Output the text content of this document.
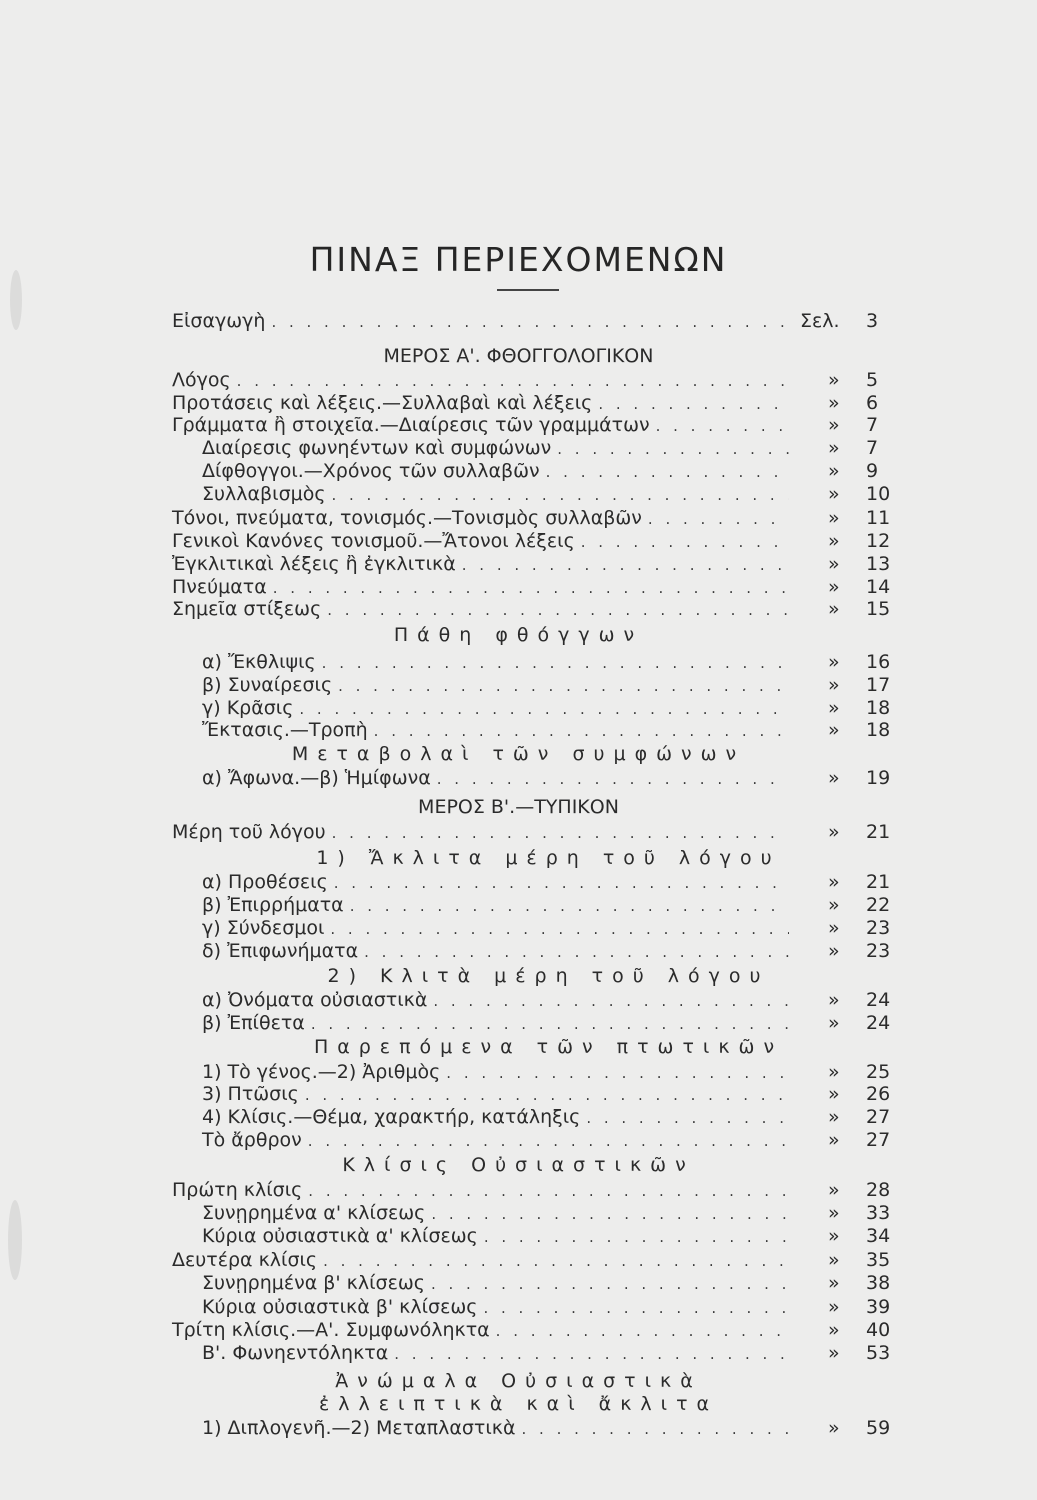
ΠΙΝΑΞ ΠΕΡΙΕΧΟΜΕΝΩΝ
Εἰσαγωγὴ . . .	Σελ.	3
ΜΕΡΟΣ Α'. ΦΘΟΓΓΟΛΟΓΙΚΟΝ
Λόγος . . .	» 5
Προτάσεις καὶ λέξεις.—Συλλαβαὶ καὶ λέξεις . . .	» 6
Γράμματα ἢ στοιχεῖα.—Διαίρεσις τῶν γραμμάτων . . .	» 7
Διαίρεσις φωνηέντων καὶ συμφώνων . . .	» 7
Δίφθογγοι.—Χρόνος τῶν συλλαβῶν . . .	» 9
Συλλαβισμὸς . . .	» 10
Τόνοι, πνεύματα, τονισμός.—Τονισμὸς συλλαβῶν . . .	» 11
Γενικοὶ Κανόνες τονισμοῦ.—Ἄτονοι λέξεις . . .	» 12
Ἐγκλιτικαὶ λέξεις ἢ ἐγκλιτικὰ . . .	» 13
Πνεύματα . . .	» 14
Σημεῖα στίξεως . . .	» 15
Πάθη φθόγγων
α) Ἔκθλιψις . . .	» 16
β) Συναίρεσις . . .	» 17
γ) Κρᾶσις . . .	» 18
Ἔκτασις.—Τροπὴ . . .	» 18
Μεταβολαὶ τῶν συμφώνων
α) Ἄφωνα.—β) Ἡμίφωνα . . .	» 19
ΜΕΡΟΣ Β'.—ΤΥΠΙΚΟΝ
Μέρη τοῦ λόγου . . .	» 21
1) Ἄκλιτα μέρη τοῦ λόγου
α) Προθέσεις . . .	» 21
β) Ἐπιρρήματα . . .	» 22
γ) Σύνδεσμοι . . .	» 23
δ) Ἐπιφωνήματα . . .	» 23
2) Κλιτὰ μέρη τοῦ λόγου
α) Ὀνόματα οὐσιαστικὰ . . .	» 24
β) Ἐπίθετα . . .	» 24
Παρεπόμενα τῶν πτωτικῶν
1) Τὸ γένος.—2) Ἀριθμὸς . . .	» 25
3) Πτῶσις . . .	» 26
4) Κλίσις.—Θέμα, χαρακτήρ, κατάληξις . . .	» 27
Τὸ ἄρθρον . . .	» 27
Κλίσις Οὐσιαστικῶν
Πρώτη κλίσις . . .	» 28
Συνῃρημένα α' κλίσεως . . .	» 33
Κύρια οὐσιαστικὰ α' κλίσεως . . .	» 34
Δευτέρα κλίσις . . .	» 35
Συνῃρημένα β' κλίσεως . . .	» 38
Κύρια οὐσιαστικὰ β' κλίσεως . . .	» 39
Τρίτη κλίσις.—Α'. Συμφωνόληκτα . . .	» 40
Β'. Φωνηεντόληκτα . . .	» 53
Ἀνώμαλα Οὐσιαστικὰ
ἐλλειπτικὰ καὶ ἄκλιτα
1) Διπλογενῆ.—2) Μεταπλαστικὰ . . .	» 59
